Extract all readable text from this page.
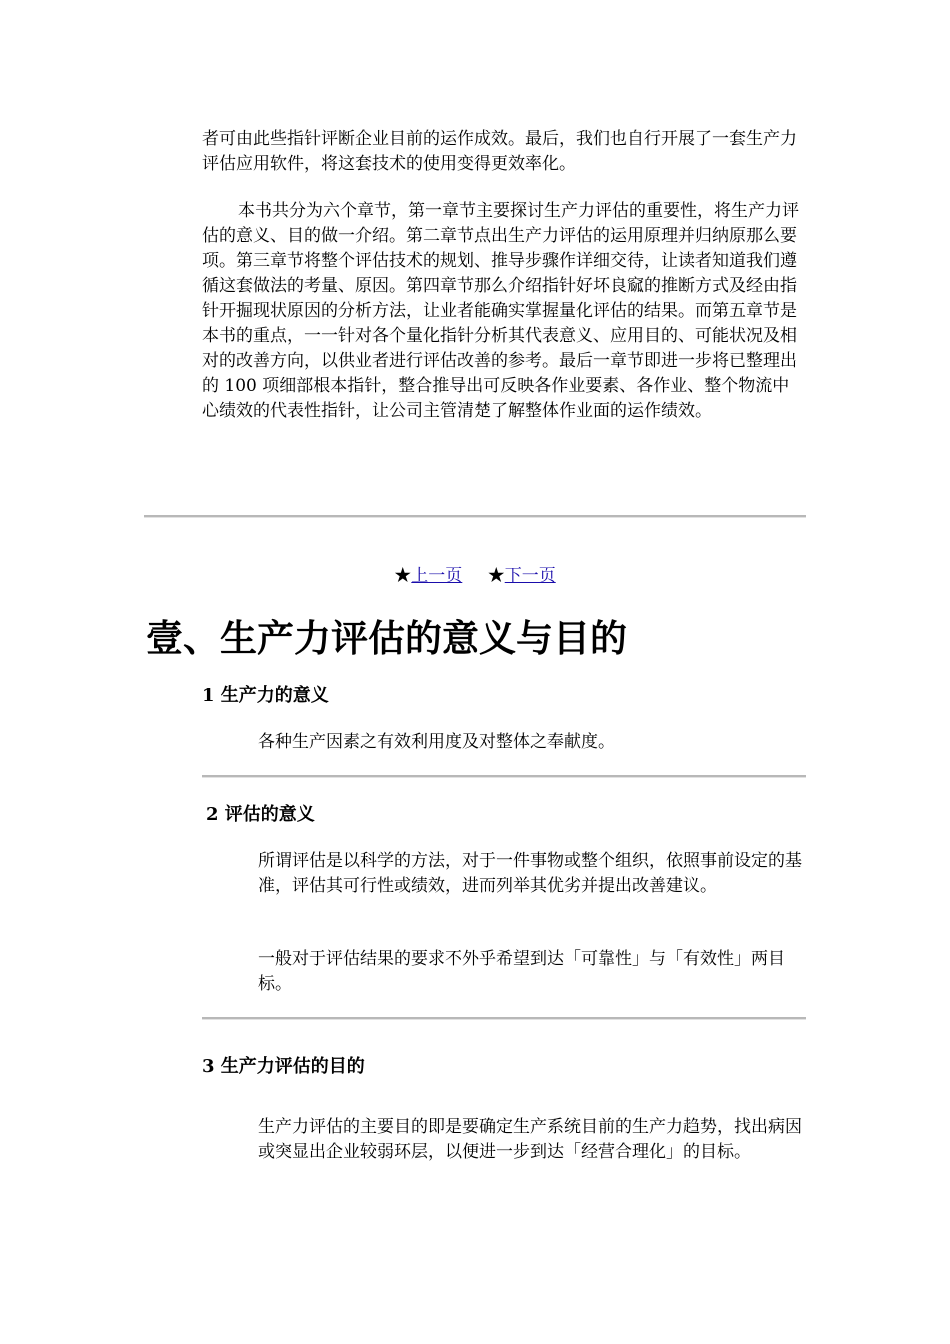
者可由此些指针评断企业目前的运作成效。最后，我们也自行开展了一套生产力评估应用软件，将这套技术的使用变得更效率化。

本书共分为六个章节，第一章节主要探讨生产力评估的重要性，将生产力评估的意义、目的做一介绍。第二章节点出生产力评估的运用原理并归纳原那么要项。第三章节将整个评估技术的规划、推导步骤作详细交待，让读者知道我们遵循这套做法的考量、原因。第四章节那么介绍指针好坏良窳的推断方式及经由指针开掘现状原因的分析方法，让业者能确实掌握量化评估的结果。而第五章节是本书的重点，一一针对各个量化指针分析其代表意义、应用目的、可能状况及相对的改善方向，以供业者进行评估改善的参考。最后一章节即进一步将已整理出的 100 项细部根本指针，整合推导出可反映各作业要素、各作业、整个物流中心绩效的代表性指针，让公司主管清楚了解整体作业面的运作绩效。

★上一页 ★下一页
壹、生产力评估的意义与目的
1 生产力的意义

各种生产因素之有效利用度及对整体之奉献度。

2 评估的意义

所谓评估是以科学的方法，对于一件事物或整个组织，依照事前设定的基准，评估其可行性或绩效，进而列举其优劣并提出改善建议。

一般对于评估结果的要求不外乎希望到达「可靠性」与「有效性」两目标。

3 生产力评估的目的

生产力评估的主要目的即是要确定生产系统目前的生产力趋势，找出病因或突显出企业较弱环层，以便进一步到达「经营合理化」的目标。
